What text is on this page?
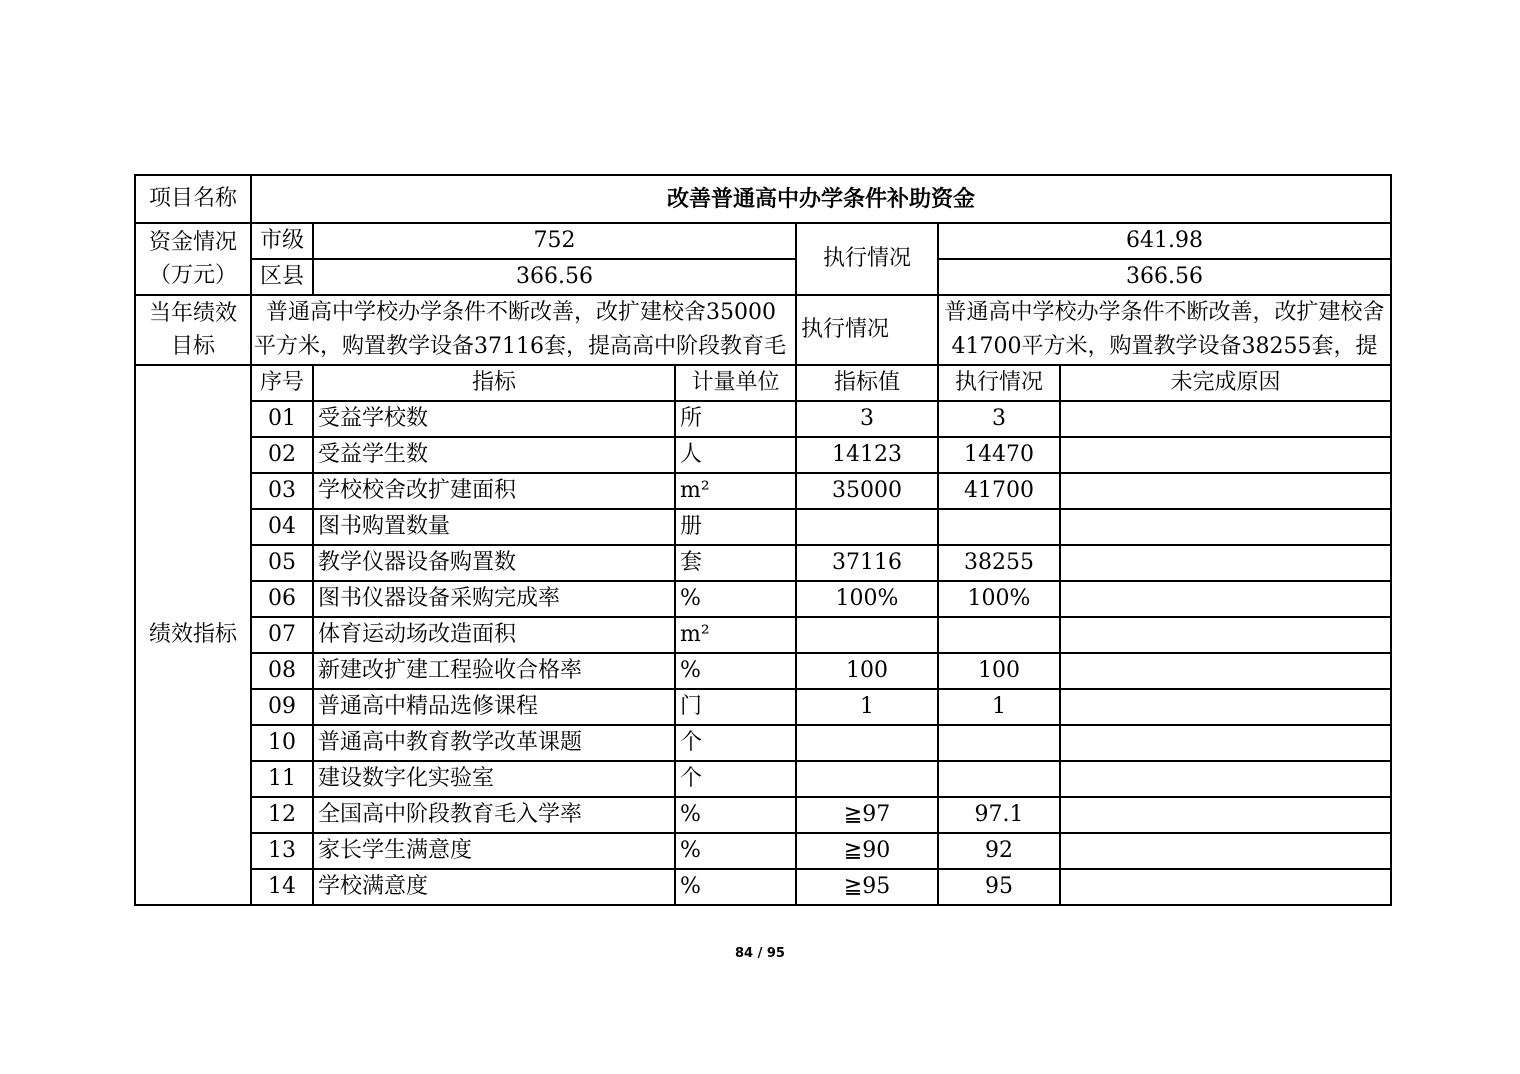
项目名称	改善普通高中办学条件补助资金					

资金情况
（万元）	市级	752		执行情况	641.98	
	区县	366.56			366.56	

当年绩效
目标	普通高中学校办学条件不断改善，改扩建校舍35000平方米，购置教学设备37116套，提高高中阶段教育毛			执行情况	普通高中学校办学条件不断改善，改扩建校舍41700平方米，购置教学设备38255套，提	

绩效指标	序号	指标	计量单位	指标值	执行情况	未完成原因
	01	受益学校数	所	3	3	
	02	受益学生数	人	14123	14470	
	03	学校校舍改扩建面积	m²	35000	41700	
	04	图书购置数量	册			
	05	教学仪器设备购置数	套	37116	38255	
	06	图书仪器设备采购完成率	%	100%	100%	
	07	体育运动场改造面积	m²			
	08	新建改扩建工程验收合格率	%	100	100	
	09	普通高中精品选修课程	门	1	1	
	10	普通高中教育教学改革课题	个			
	11	建设数字化实验室	个			
	12	全国高中阶段教育毛入学率	%	≧97	97.1	
	13	家长学生满意度	%	≧90	92	
	14	学校满意度	%	≧95	95	
84 / 95
